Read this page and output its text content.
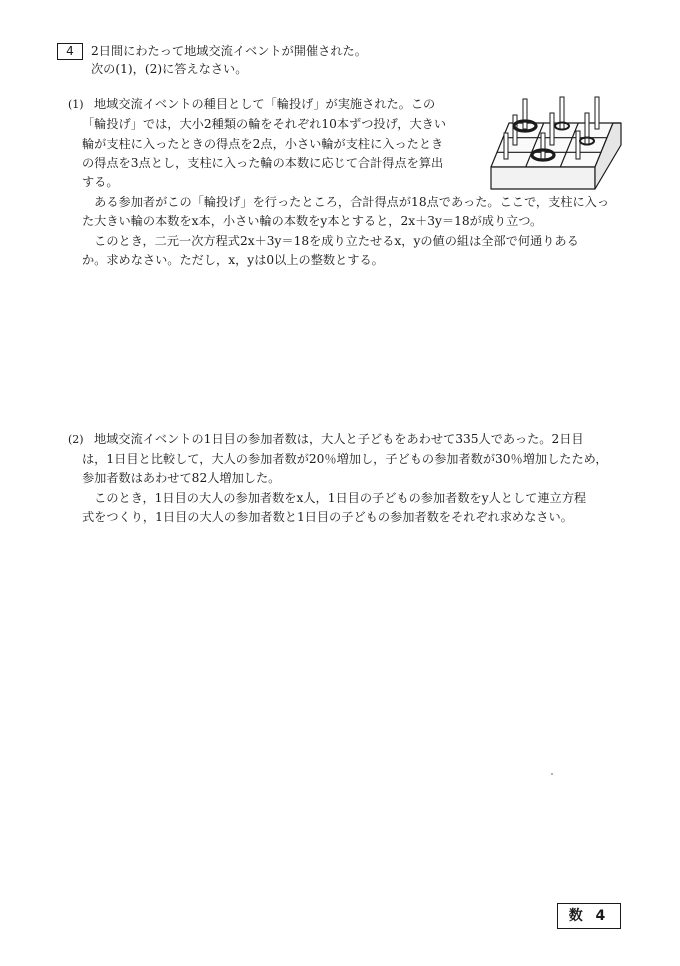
4	2日間にわたって地域交流イベントが開催された。
次の(1)，(2)に答えなさい。
(1) 地域交流イベントの種目として「輪投げ」が実施された。この
「輪投げ」では，大小2種類の輪をそれぞれ10本ずつ投げ，大きい
輪が支柱に入ったときの得点を2点，小さい輪が支柱に入ったとき
の得点を3点とし，支柱に入った輪の本数に応じて合計得点を算出
する。
　ある参加者がこの「輪投げ」を行ったところ，合計得点が18点であった。ここで，支柱に入っ
た大きい輪の本数をx本，小さい輪の本数をy本とすると，2x＋3y＝18が成り立つ。
　このとき，二元一次方程式2x＋3y＝18を成り立たせるx，yの値の組は全部で何通りある
か。求めなさい。ただし，x，yは0以上の整数とする。
(2) 地域交流イベントの1日目の参加者数は，大人と子どもをあわせて335人であった。2日目
は，1日目と比較して，大人の参加者数が20％増加し，子どもの参加者数が30％増加したため，
参加者数はあわせて82人増加した。
　このとき，1日目の大人の参加者数をx人，1日目の子どもの参加者数をy人として連立方程
式をつくり，1日目の大人の参加者数と1日目の子どもの参加者数をそれぞれ求めなさい。
数 4
